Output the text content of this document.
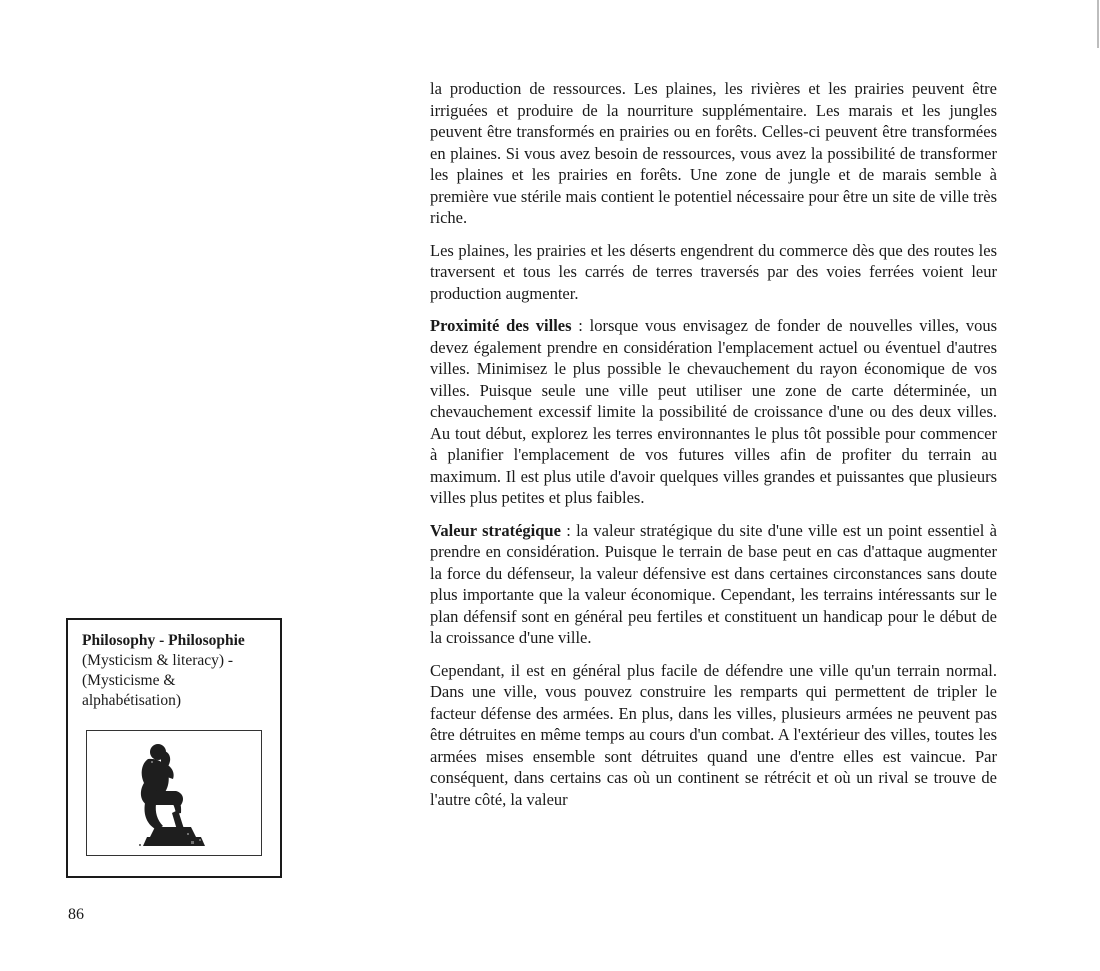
la production de ressources. Les plaines, les rivières et les prairies peuvent être irriguées et produire de la nourriture supplémentaire. Les marais et les jungles peuvent être transformés en prairies ou en forêts. Celles-ci peuvent être transformées en plaines. Si vous avez besoin de ressources, vous avez la possibilité de transformer les plaines et les prairies en forêts. Une zone de jungle et de marais semble à première vue stérile mais contient le potentiel nécessaire pour être un site de ville très riche.

Les plaines, les prairies et les déserts engendrent du commerce dès que des routes les traversent et tous les carrés de terres traversés par des voies ferrées voient leur production augmenter.

Proximité des villes : lorsque vous envisagez de fonder de nouvelles villes, vous devez également prendre en considération l'emplacement actuel ou éventuel d'autres villes. Minimisez le plus possible le chevauchement du rayon économique de vos villes. Puisque seule une ville peut utiliser une zone de carte déterminée, un chevauchement excessif limite la possibilité de croissance d'une ou des deux villes. Au tout début, explorez les terres environnantes le plus tôt possible pour commencer à planifier l'emplacement de vos futures villes afin de profiter du terrain au maximum. Il est plus utile d'avoir quelques villes grandes et puissantes que plusieurs villes plus petites et plus faibles.

Valeur stratégique : la valeur stratégique du site d'une ville est un point essentiel à prendre en considération. Puisque le terrain de base peut en cas d'attaque augmenter la force du défenseur, la valeur défensive est dans certaines circonstances sans doute plus importante que la valeur économique. Cependant, les terrains intéressants sur le plan défensif sont en général peu fertiles et constituent un handicap pour le début de la croissance d'une ville.

Cependant, il est en général plus facile de défendre une ville qu'un terrain normal. Dans une ville, vous pouvez construire les remparts qui permettent de tripler le facteur défense des armées. En plus, dans les villes, plusieurs armées ne peuvent pas être détruites en même temps au cours d'un combat. A l'extérieur des villes, toutes les armées mises ensemble sont détruites quand une d'entre elles est vaincue. Par conséquent, dans certains cas où un continent se rétrécit et où un rival se trouve de l'autre côté, la valeur

Philosophy - Philosophie
(Mysticism & literacy) - (Mysticisme & alphabétisation)
86
